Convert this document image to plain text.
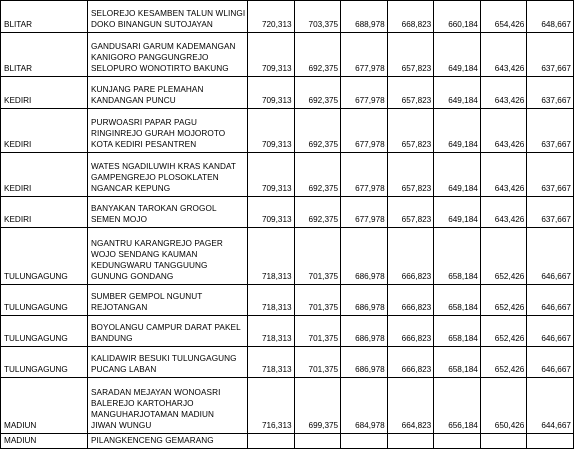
BLITAR	SELOREJO KESAMBEN TALUN WLINGI
DOKO BINANGUN SUTOJAYAN	720,313	703,375	688,978	668,823	660,184	654,426	648,667
BLITAR	GANDUSARI GARUM KADEMANGAN
KANIGORO PANGGUNGREJO
SELOPURO WONOTIRTO BAKUNG	709,313	692,375	677,978	657,823	649,184	643,426	637,667
KEDIRI	KUNJANG PARE PLEMAHAN
KANDANGAN PUNCU	709,313	692,375	677,978	657,823	649,184	643,426	637,667
KEDIRI	PURWOASRI PAPAR PAGU
RINGINREJO GURAH MOJOROTO
KOTA KEDIRI PESANTREN	709,313	692,375	677,978	657,823	649,184	643,426	637,667
KEDIRI	WATES NGADILUWIH KRAS KANDAT
GAMPENGREJO PLOSOKLATEN
NGANCAR KEPUNG	709,313	692,375	677,978	657,823	649,184	643,426	637,667
KEDIRI	BANYAKAN TAROKAN GROGOL
SEMEN MOJO	709,313	692,375	677,978	657,823	649,184	643,426	637,667
TULUNGAGUNG	NGANTRU KARANGREJO PAGER
WOJO SENDANG KAUMAN
KEDUNGWARU TANGGUUNG
GUNUNG GONDANG	718,313	701,375	686,978	666,823	658,184	652,426	646,667
TULUNGAGUNG	SUMBER GEMPOL NGUNUT
REJOTANGAN	718,313	701,375	686,978	666,823	658,184	652,426	646,667
TULUNGAGUNG	BOYOLANGU CAMPUR DARAT PAKEL
BANDUNG	718,313	701,375	686,978	666,823	658,184	652,426	646,667
TULUNGAGUNG	KALIDAWIR BESUKI TULUNGAGUNG
PUCANG LABAN	718,313	701,375	686,978	666,823	658,184	652,426	646,667
MADIUN	SARADAN MEJAYAN WONOASRI
BALEREJO KARTOHARJO
MANGUHARJOTAMAN MADIUN
JIWAN WUNGU	716,313	699,375	684,978	664,823	656,184	650,426	644,667
MADIUN	PILANGKENCENG GEMARANG							
